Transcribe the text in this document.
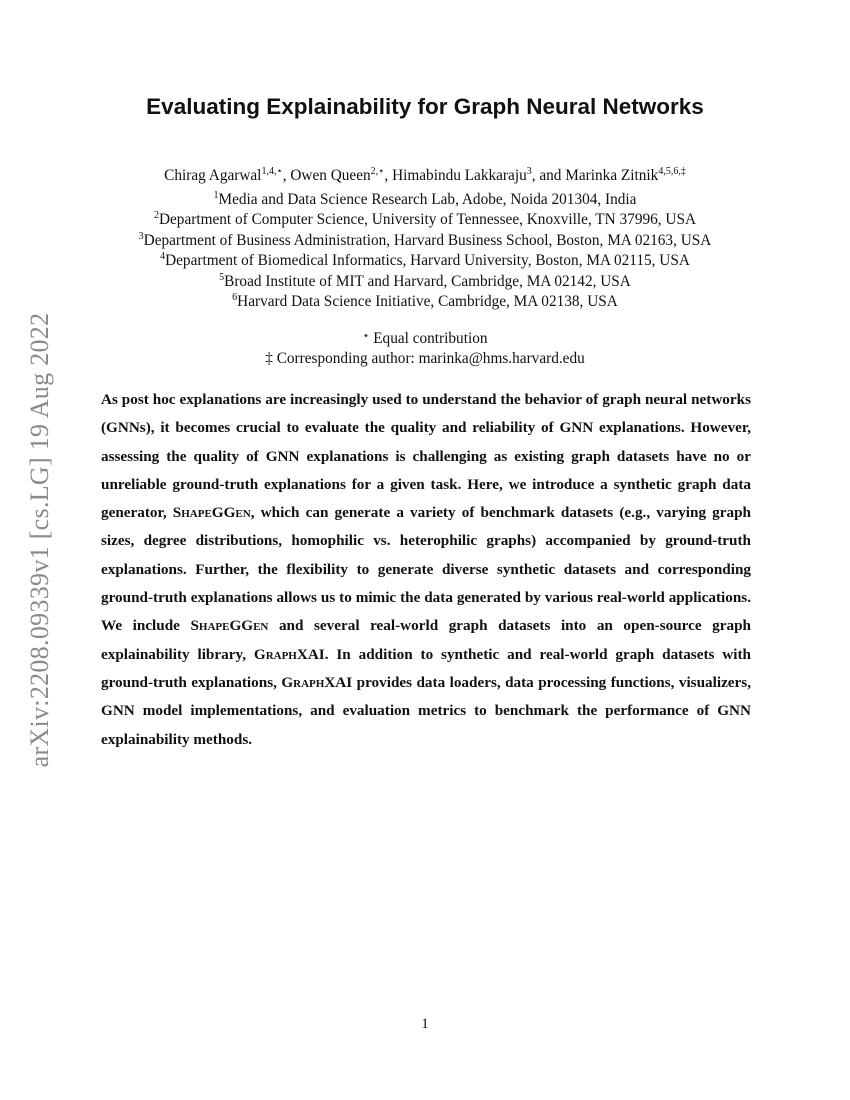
arXiv:2208.09339v1 [cs.LG] 19 Aug 2022
Evaluating Explainability for Graph Neural Networks
Chirag Agarwal$^{1,4,⋆}$, Owen Queen$^{2,⋆}$, Himabindu Lakkaraju$^3$, and Marinka Zitnik$^{4,5,6,\ddagger}$
$^1$Media and Data Science Research Lab, Adobe, Noida 201304, India
$^2$Department of Computer Science, University of Tennessee, Knoxville, TN 37996, USA
$^3$Department of Business Administration, Harvard Business School, Boston, MA 02163, USA
$^4$Department of Biomedical Informatics, Harvard University, Boston, MA 02115, USA
$^5$Broad Institute of MIT and Harvard, Cambridge, MA 02142, USA
$^6$Harvard Data Science Initiative, Cambridge, MA 02138, USA
⋆ Equal contribution
‡ Corresponding author: marinka@hms.harvard.edu

As post hoc explanations are increasingly used to understand the behavior of graph neural networks (GNNs), it becomes crucial to evaluate the quality and reliability of GNN explanations. However, assessing the quality of GNN explanations is challenging as existing graph datasets have no or unreliable ground-truth explanations for a given task. Here, we introduce a synthetic graph data generator, ShapeGGen, which can generate a variety of benchmark datasets (e.g., varying graph sizes, degree distributions, homophilic vs. heterophilic graphs) accompanied by ground-truth explanations. Further, the flexibility to generate diverse synthetic datasets and corresponding ground-truth explanations allows us to mimic the data generated by various real-world applications. We include ShapeGGen and several real-world graph datasets into an open-source graph explainability library, GraphXAI. In addition to synthetic and real-world graph datasets with ground-truth explanations, GraphXAI provides data loaders, data processing functions, visualizers, GNN model implementations, and evaluation metrics to benchmark the performance of GNN explainability methods.

1
